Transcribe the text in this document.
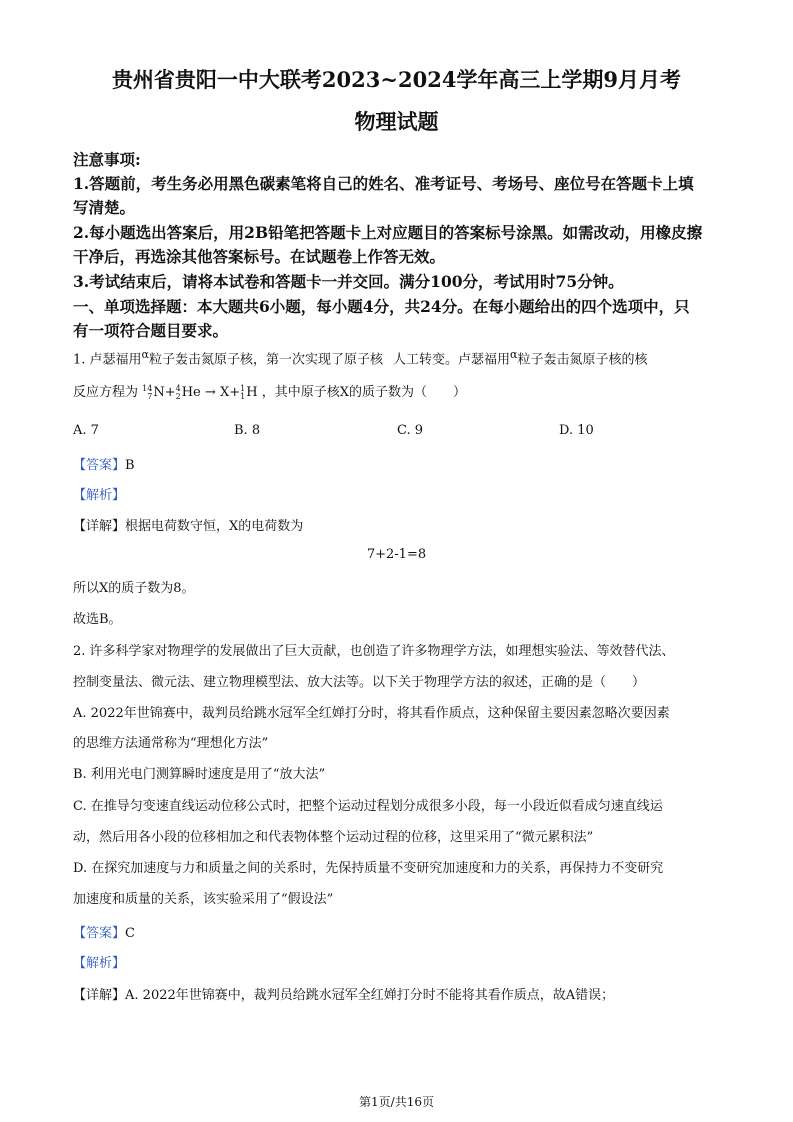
贵州省贵阳一中大联考2023~2024学年高三上学期9月月考
物理试题
注意事项:
1.答题前，考生务必用黑色碳素笔将自己的姓名、准考证号、考场号、座位号在答题卡上填
写清楚。
2.每小题选出答案后，用2B铅笔把答题卡上对应题目的答案标号涂黑。如需改动，用橡皮擦
干净后，再选涂其他答案标号。在试题卷上作答无效。
3.考试结束后，请将本试卷和答题卡一并交回。满分100分，考试用时75分钟。
一、单项选择题：本大题共6小题，每小题4分，共24分。在每小题给出的四个选项中，只
有一项符合题目要求。
1. 卢瑟福用$^\alpha$粒子轰击氮原子核，第一次实现了原子核 人工转变。卢瑟福用$^\alpha$粒子轰击氮原子核的核
反应方程为 14
7N+4
2He → X+1
1H ，其中原子核X的质子数为（　　）
A. 7	B. 8	C. 9	D. 10
【答案】B
【解析】
【详解】根据电荷数守恒，X的电荷数为
7+2-1=8
所以X的质子数为8。
故选B。
2. 许多科学家对物理学的发展做出了巨大贡献，也创造了许多物理学方法，如理想实验法、等效替代法、
控制变量法、微元法、建立物理模型法、放大法等。以下关于物理学方法的叙述，正确的是（　　）
A. 2022年世锦赛中，裁判员给跳水冠军全红婵打分时，将其看作质点，这种保留主要因素忽略次要因素
的思维方法通常称为“理想化方法”
B. 利用光电门测算瞬时速度是用了“放大法”
C. 在推导匀变速直线运动位移公式时，把整个运动过程划分成很多小段，每一小段近似看成匀速直线运
动，然后用各小段的位移相加之和代表物体整个运动过程的位移，这里采用了“微元累积法”
D. 在探究加速度与力和质量之间的关系时，先保持质量不变研究加速度和力的关系，再保持力不变研究
加速度和质量的关系，该实验采用了“假设法”
【答案】C
【解析】
【详解】A. 2022年世锦赛中，裁判员给跳水冠军全红婵打分时不能将其看作质点，故A错误；
第1页/共16页
